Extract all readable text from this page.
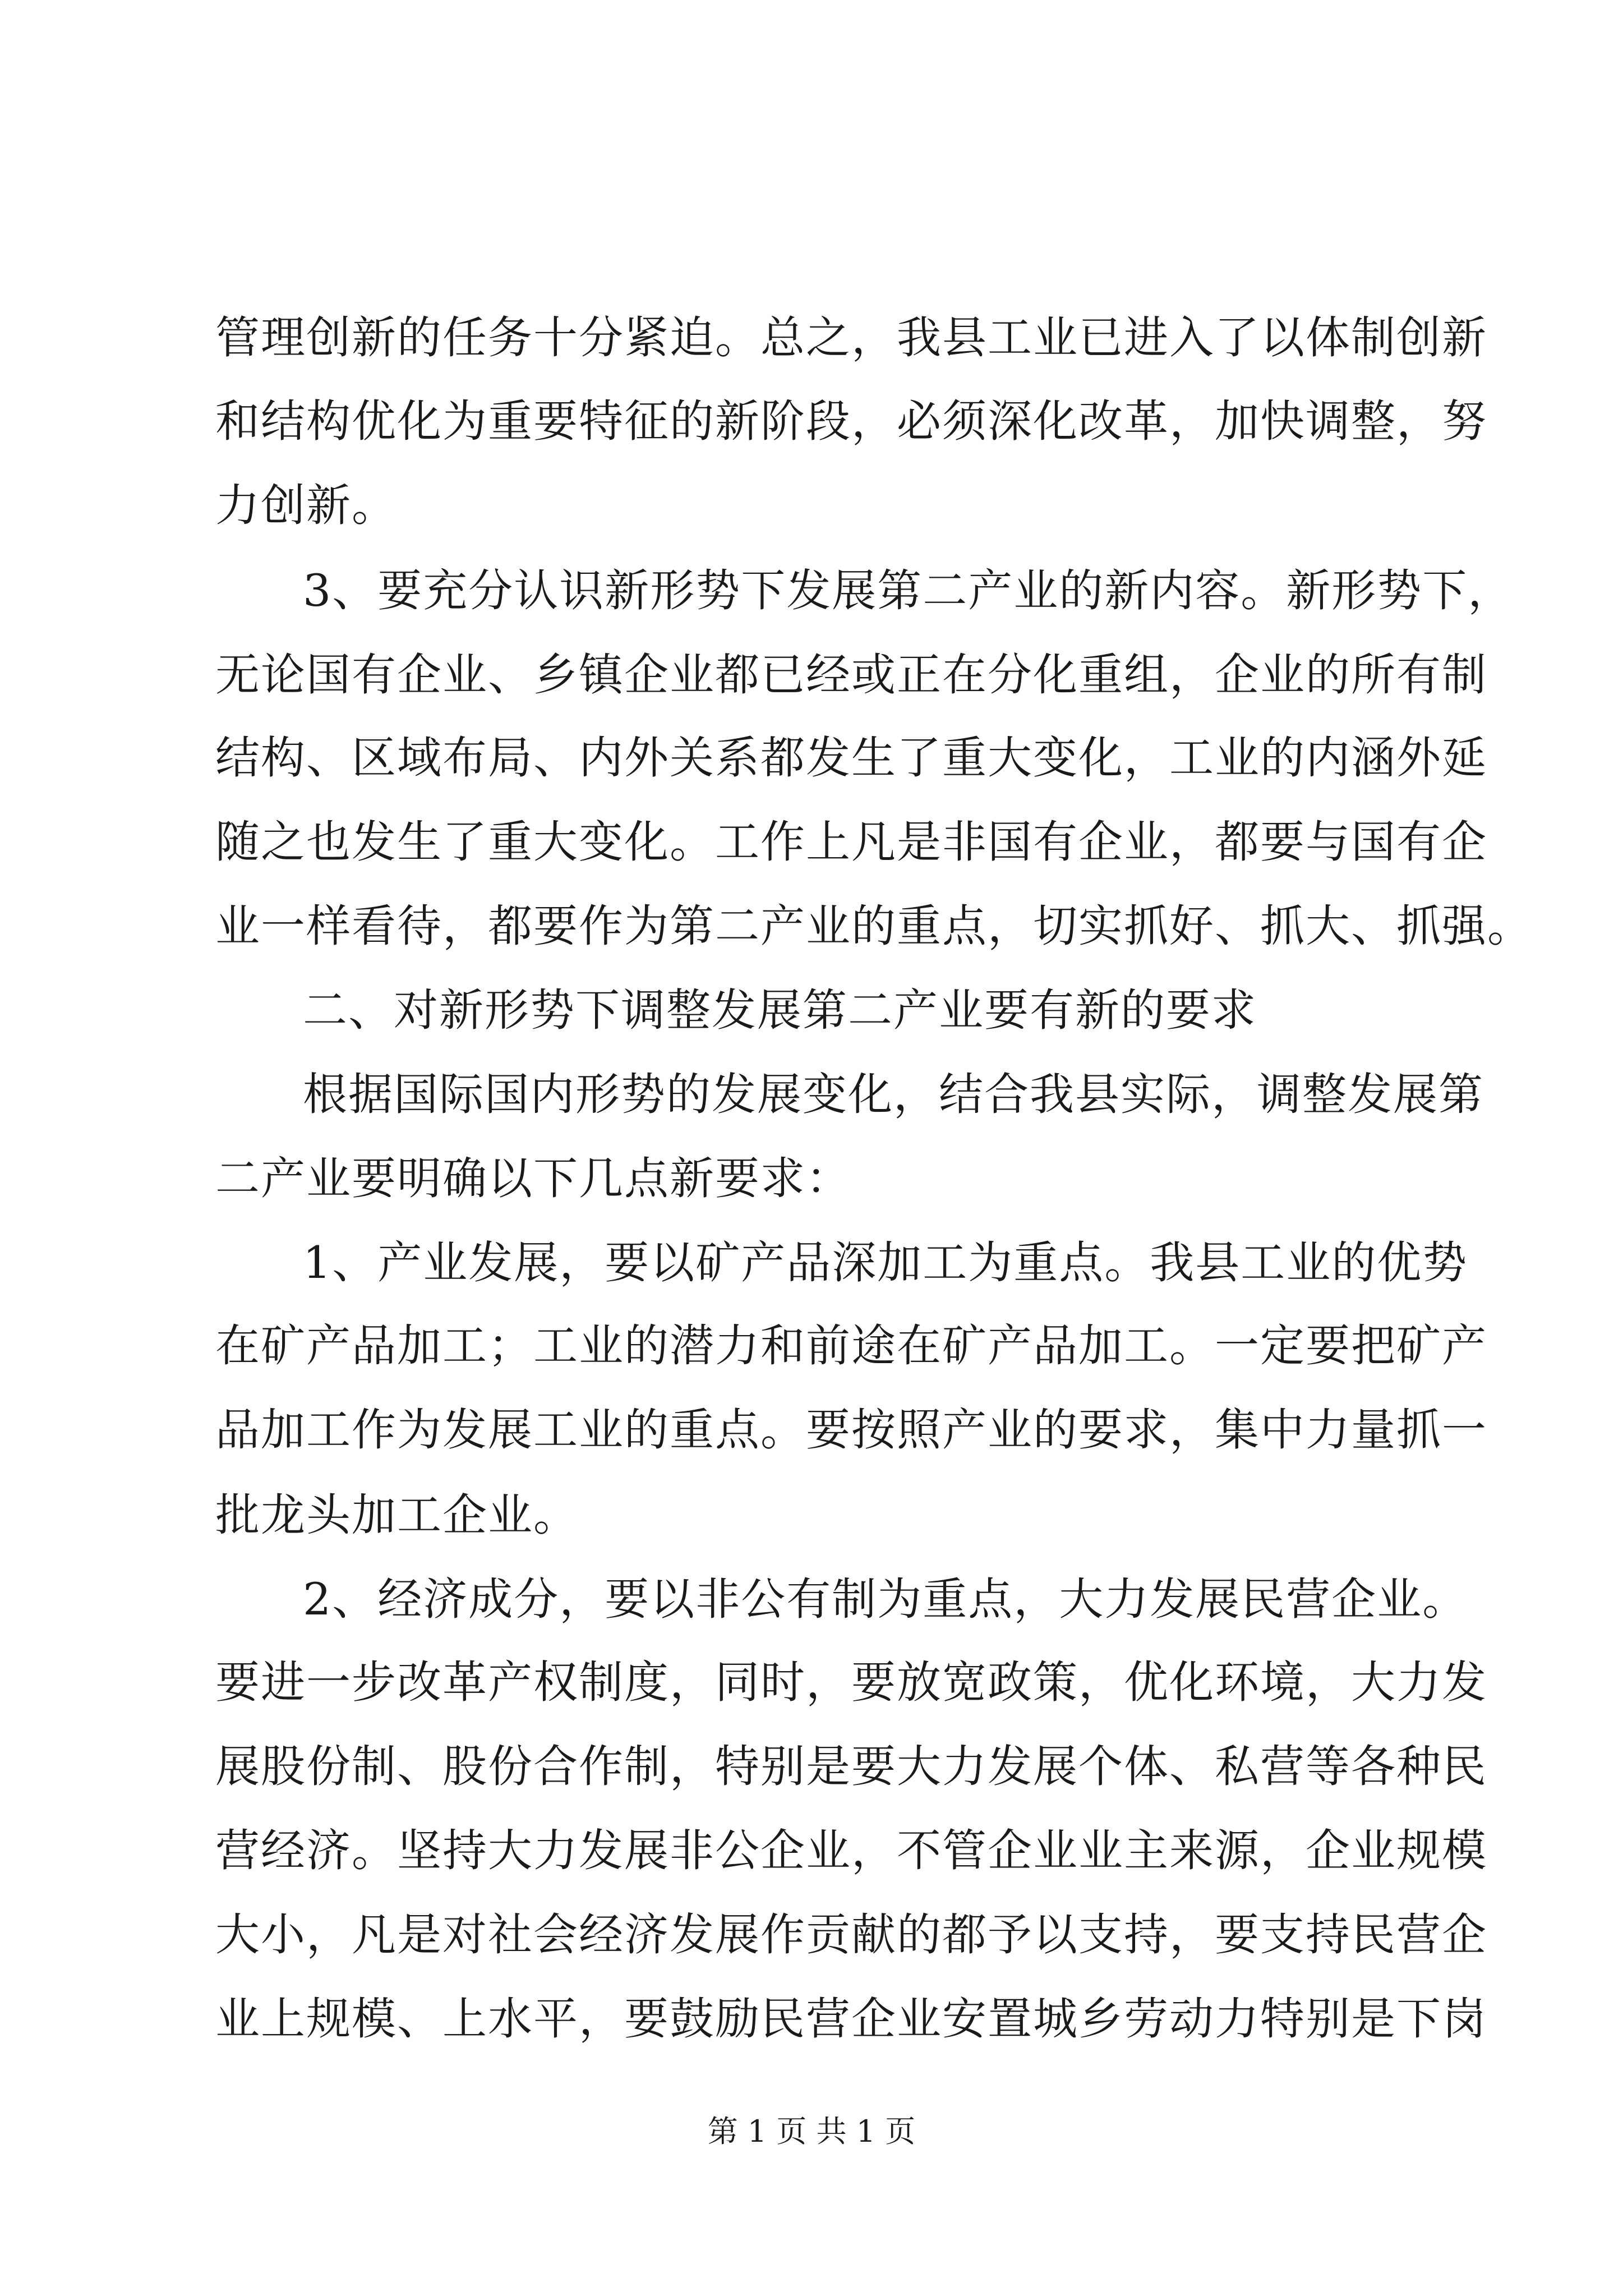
管理创新的任务十分紧迫。总之，我县工业已进入了以体制创新

和结构优化为重要特征的新阶段，必须深化改革，加快调整，努

力创新。

3、要充分认识新形势下发展第二产业的新内容。新形势下，

无论国有企业、乡镇企业都已经或正在分化重组，企业的所有制

结构、区域布局、内外关系都发生了重大变化，工业的内涵外延

随之也发生了重大变化。工作上凡是非国有企业，都要与国有企

业一样看待，都要作为第二产业的重点，切实抓好、抓大、抓强。

二、对新形势下调整发展第二产业要有新的要求

根据国际国内形势的发展变化，结合我县实际，调整发展第

二产业要明确以下几点新要求：

1、产业发展，要以矿产品深加工为重点。我县工业的优势

在矿产品加工；工业的潜力和前途在矿产品加工。一定要把矿产

品加工作为发展工业的重点。要按照产业的要求，集中力量抓一

批龙头加工企业。

2、经济成分，要以非公有制为重点，大力发展民营企业。

要进一步改革产权制度，同时，要放宽政策，优化环境，大力发

展股份制、股份合作制，特别是要大力发展个体、私营等各种民

营经济。坚持大力发展非公企业，不管企业业主来源，企业规模

大小，凡是对社会经济发展作贡献的都予以支持，要支持民营企

业上规模、上水平，要鼓励民营企业安置城乡劳动力特别是下岗

第 1 页 共 1 页
